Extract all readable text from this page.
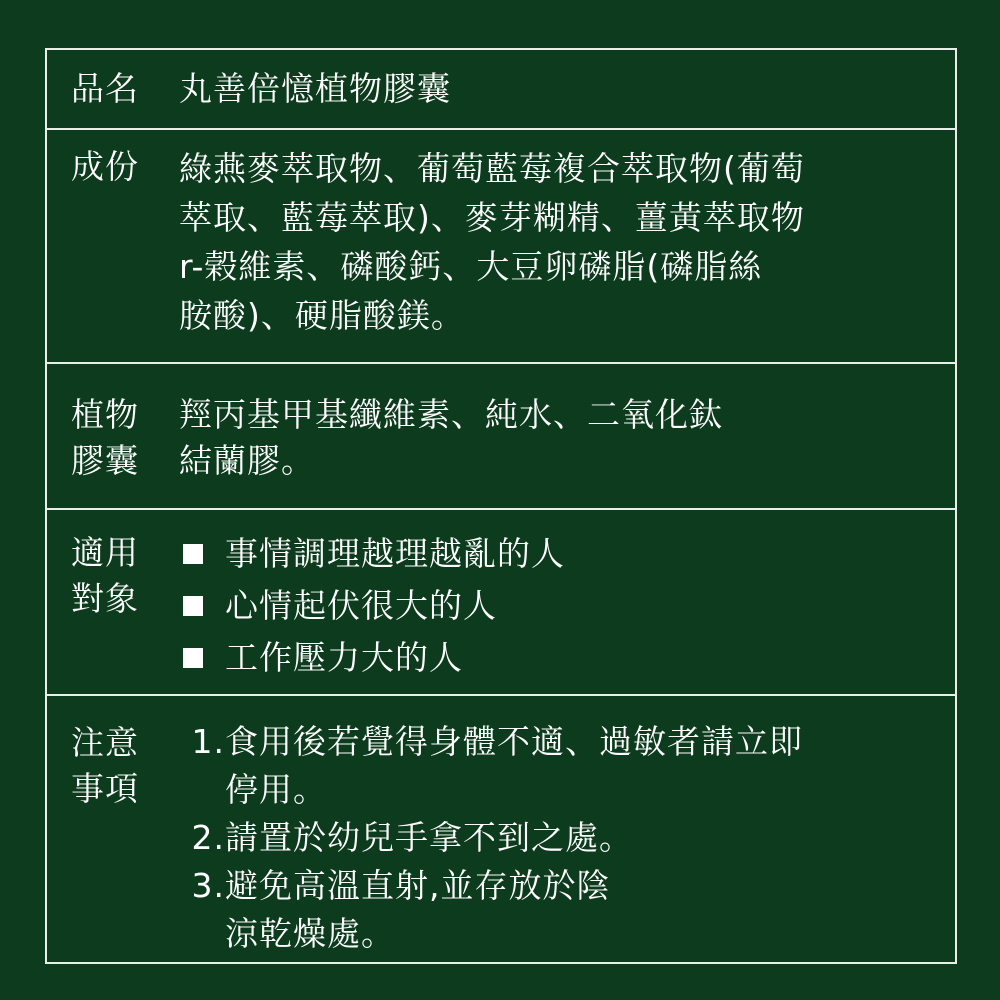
品名 丸善倍憶植物膠囊
成份 綠燕麥萃取物、葡萄藍莓複合萃取物(葡萄
萃取、藍莓萃取)、麥芽糊精、薑黃萃取物
r-榖維素、磷酸鈣、大豆卵磷脂(磷脂絲
胺酸)、硬脂酸鎂。
植物
膠囊
羥丙基甲基纖維素、純水、二氧化鈦
結蘭膠。
適用
對象
事情調理越理越亂的人
心情起伏很大的人
工作壓力大的人
注意
事項
1. 食用後若覺得身體不適、過敏者請立即
停用。
2. 請置於幼兒手拿不到之處。
3. 避免高溫直射,並存放於陰
涼乾燥處。
